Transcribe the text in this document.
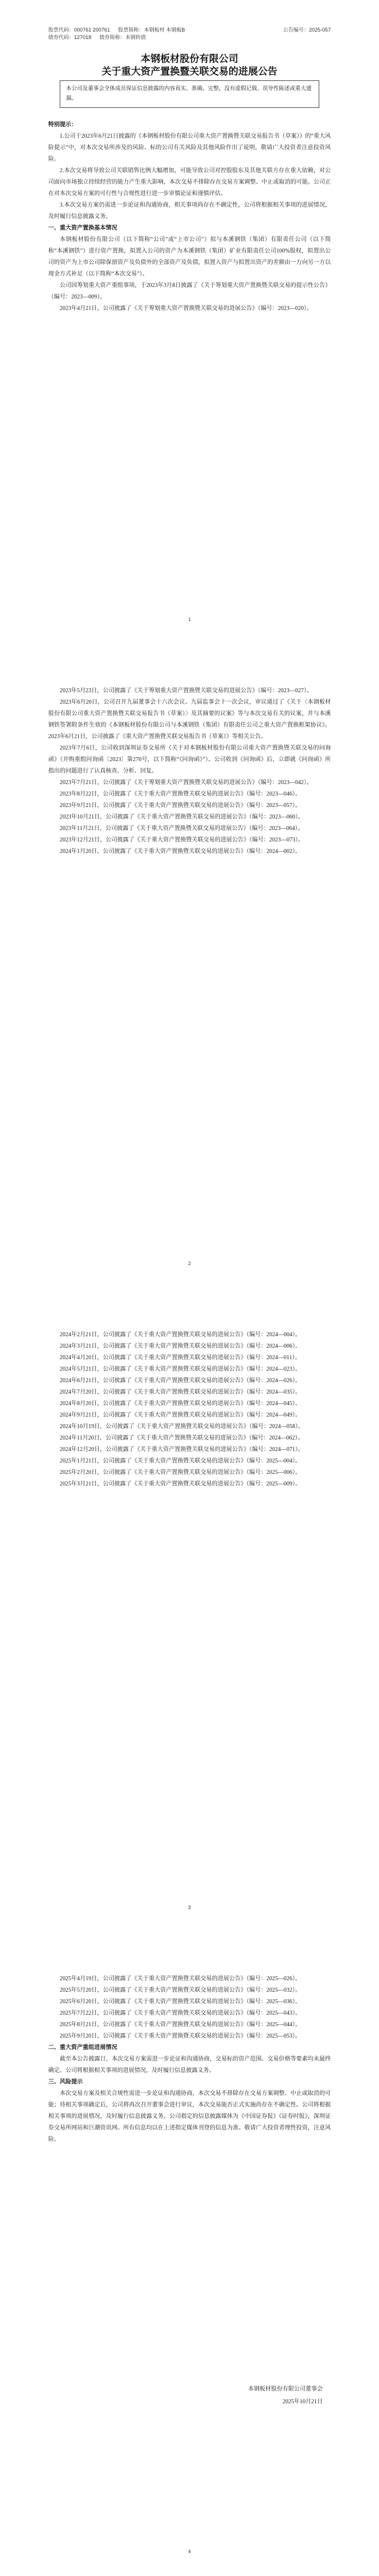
股票代码：000761 200761 股票简称：本钢板材 本钢板B	公告编号：2025-057
债券代码：127018 债券简称：本钢转债
本钢板材股份有限公司
关于重大资产置换暨关联交易的进展公告
本公司及董事会全体成员保证信息披露的内容真实、准确、完整，没有虚假记载、误导性陈述或重大遗漏。

特别提示：

1.公司于2023年6月21日披露的《本钢板材股份有限公司重大资产置换暨关联交易报告书（草案）》的“重大风险提示”中，对本次交易所涉及的风险、标的公司有关风险及其他风险作出了说明，敬请广大投资者注意投资风险。

2.本次交易将导致公司关联销售比例大幅增加，可能导致公司对控股股东及其他关联方存在重大依赖，对公司面向市场独立持续经营的能力产生重大影响，本次交易不排除存在交易方案调整、中止或取消的可能。公司正在对本次交易方案的可行性与合规性进行进一步审慎论证和谨慎评估。

3.本次交易方案仍需进一步论证和沟通协商，相关事项尚存在不确定性，公司将根据相关事项的进展情况，及时履行信息披露义务。

一、重大资产置换基本情况

本钢板材股份有限公司（以下简称“公司”或“上市公司”）拟与本溪钢铁（集团）有限责任公司（以下简称“本溪钢铁”）进行资产置换，拟置入公司的资产为本溪钢铁（集团）矿业有限责任公司100%股权，拟置出公司的资产为上市公司除保留资产及负债外的全部资产及负债，拟置入资产与拟置出资产的差额由一方向另一方以现金方式补足（以下简称“本次交易”）。

公司因筹划重大资产重组事项，于2023年3月8日披露了《关于筹划重大资产置换暨关联交易的提示性公告》（编号：2023—009）。

2023年4月21日，公司披露了《关于筹划重大资产置换暨关联交易的进展公告》（编号：2023—020）。

1

2023年5月23日，公司披露了《关于筹划重大资产置换暨关联交易的进展公告》（编号：2023—027）。

2023年6月20日，公司召开九届董事会十六次会议、九届监事会十一次会议，审议通过了《关于〈本钢板材股份有限公司重大资产置换暨关联交易报告书（草案）〉及其摘要的议案》等与本次交易有关的议案，并与本溪钢铁签署附条件生效的《本钢板材股份有限公司与本溪钢铁（集团）有限责任公司之重大资产置换框架协议》。2023年6月21日，公司披露了《重大资产置换暨关联交易报告书（草案）》等相关公告。

2023年7月6日，公司收到深圳证券交易所《关于对本钢板材股份有限公司重大资产置换暨关联交易的问询函》（并购重组问询函〔2023〕第270号，以下简称“《问询函》”）。公司收到《问询函》后，立即就《问询函》所指出的问题进行了认真核查、分析、回复。

2023年7月21日，公司披露了《关于筹划重大资产置换暨关联交易的进展公告》（编号：2023—042）。

2023年8月22日，公司披露了《关于重大资产置换暨关联交易的进展公告》（编号：2023—046）。

2023年9月21日，公司披露了《关于重大资产置换暨关联交易的进展公告》（编号：2023—057）。

2023年10月21日，公司披露了《关于重大资产置换暨关联交易的进展公告》（编号：2023—060）。

2023年11月21日，公司披露了《关于重大资产置换暨关联交易的进展公告》（编号：2023—064）。

2023年12月21日，公司披露了《关于重大资产置换暨关联交易的进展公告》（编号：2023—073）。

2024年1月20日，公司披露了《关于重大资产置换暨关联交易的进展公告》（编号：2024—002）。

2

2024年2月21日，公司披露了《关于重大资产置换暨关联交易的进展公告》（编号：2024—004）。

2024年3月21日，公司披露了《关于重大资产置换暨关联交易的进展公告》（编号：2024—006）。

2024年4月20日，公司披露了《关于重大资产置换暨关联交易的进展公告》（编号：2024—011）。

2024年5月21日，公司披露了《关于重大资产置换暨关联交易的进展公告》（编号：2024—023）。

2024年6月21日，公司披露了《关于重大资产置换暨关联交易的进展公告》（编号：2024—026）。

2024年7月20日，公司披露了《关于重大资产置换暨关联交易的进展公告》（编号：2024—035）。

2024年8月20日，公司披露了《关于重大资产置换暨关联交易的进展公告》（编号：2024—045）。

2024年9月21日，公司披露了《关于重大资产置换暨关联交易的进展公告》（编号：2024—049）。

2024年10月19日，公司披露了《关于重大资产置换暨关联交易的进展公告》（编号：2024—058）。

2024年11月20日，公司披露了《关于重大资产置换暨关联交易的进展公告》（编号：2024—062）。

2024年12月20日，公司披露了《关于重大资产置换暨关联交易的进展公告》（编号：2024—071）。

2025年1月21日，公司披露了《关于重大资产置换暨关联交易的进展公告》（编号：2025—004）。

2025年2月20日，公司披露了《关于重大资产置换暨关联交易的进展公告》（编号：2025—006）。

2025年3月21日，公司披露了《关于重大资产置换暨关联交易的进展公告》（编号：2025—009）。

3

2025年4月19日，公司披露了《关于重大资产置换暨关联交易的进展公告》（编号：2025—026）。

2025年5月20日，公司披露了《关于重大资产置换暨关联交易的进展公告》（编号：2025—032）。

2025年6月20日，公司披露了《关于重大资产置换暨关联交易的进展公告》（编号：2025—036）。

2025年7月22日，公司披露了《关于重大资产置换暨关联交易的进展公告》（编号：2025—043）。

2025年8月21日，公司披露了《关于重大资产置换暨关联交易的进展公告》（编号：2025—044）。

2025年9月20日，公司披露了《关于重大资产置换暨关联交易的进展公告》（编号：2025—053）。

二、重大资产重组进展情况

截至本公告披露日，本次交易方案需进一步论证和沟通协商，交易标的资产范围、交易价格等要素均未最终确定。公司将根据相关事项的进展情况，及时履行信息披露义务。

三、风险提示

本次交易方案及相关合规性需进一步论证和沟通协商，本次交易不排除存在交易方案调整、中止或取消的可能；待相关事项确定后，公司将再次召开董事会进行审议，本次交易能否正式实施尚存在不确定性。公司将根据相关事项的进展情况，及时履行信息披露义务。公司指定的信息披露媒体为《中国证券报》《证券时报》，深圳证券交易所网站和巨潮资讯网。所有信息均以在上述指定媒体刊登的信息为准。敬请广大投资者理性投资，注意风险。

本钢板材股份有限公司董事会
2025年10月21日
4
